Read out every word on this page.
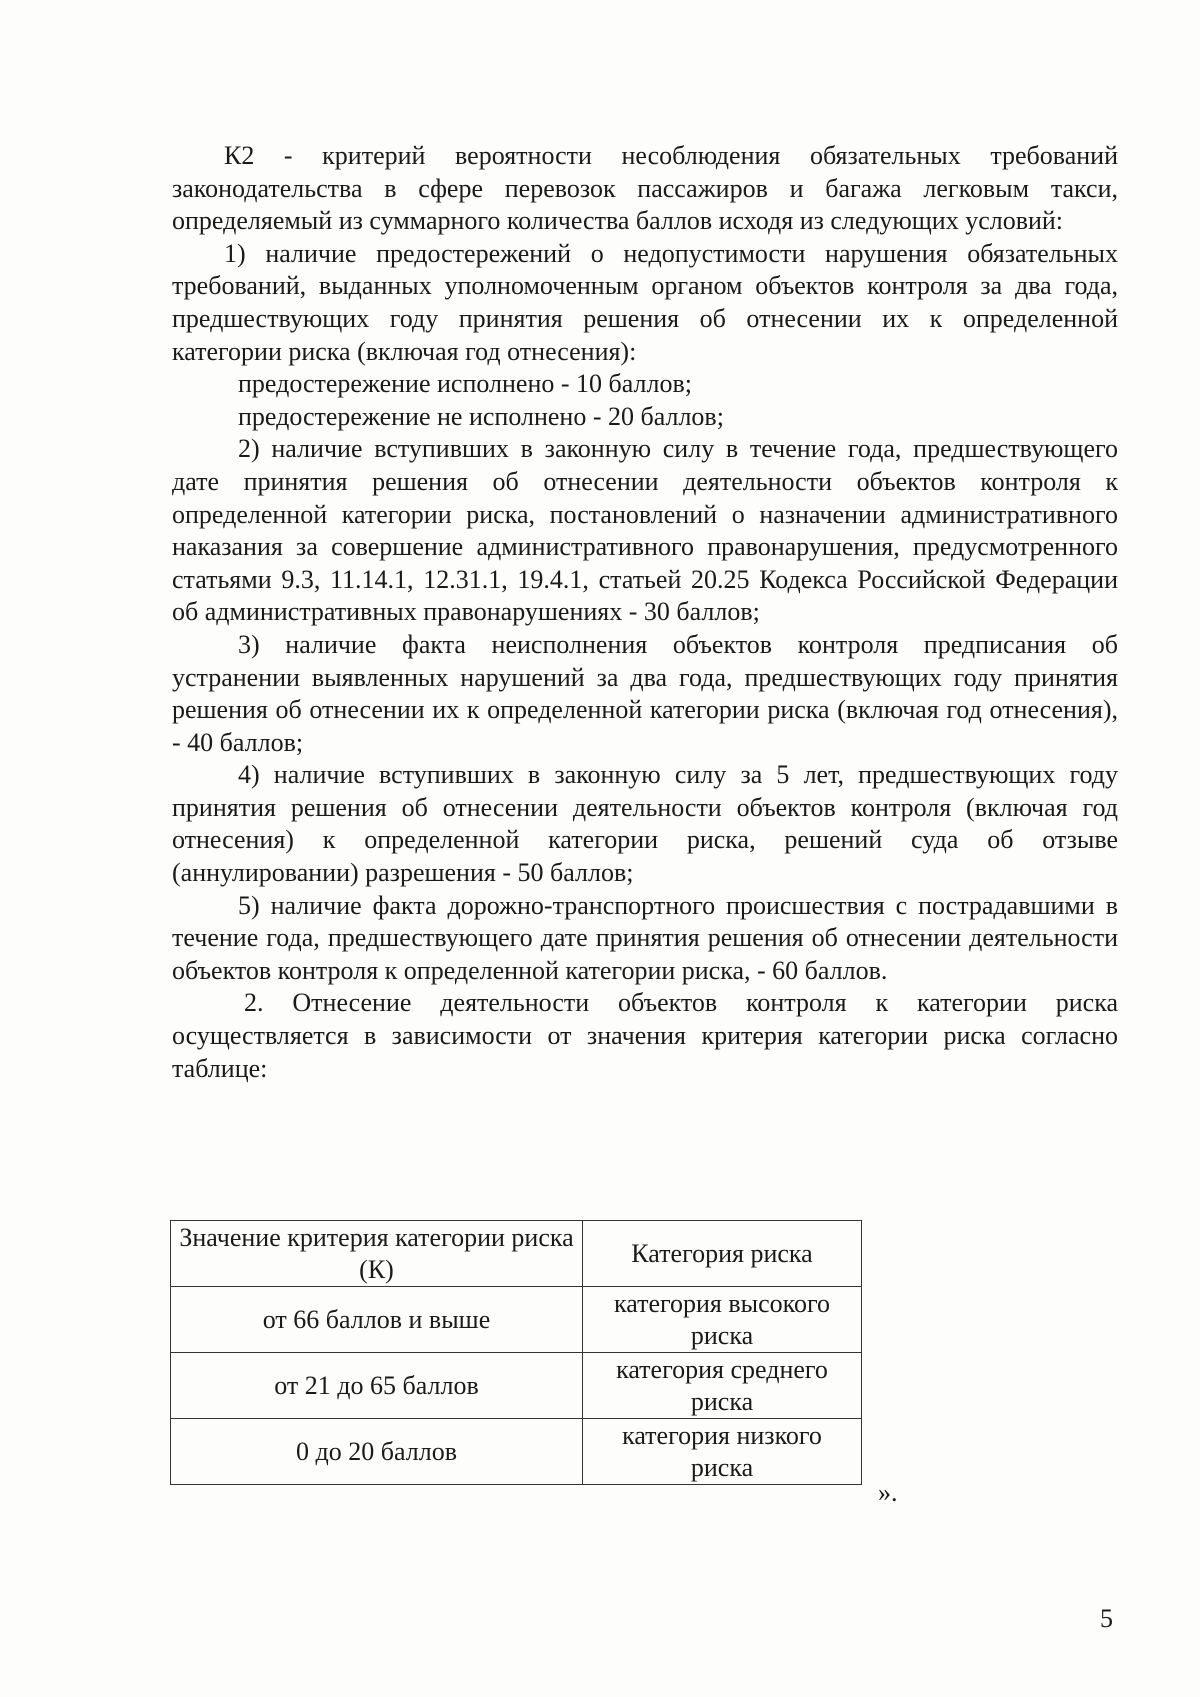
К2 - критерий вероятности несоблюдения обязательных требований законодательства в сфере перевозок пассажиров и багажа легковым такси, определяемый из суммарного количества баллов исходя из следующих условий:

1) наличие предостережений о недопустимости нарушения обязательных требований, выданных уполномоченным органом объектов контроля за два года, предшествующих году принятия решения об отнесении их к определенной категории риска (включая год отнесения):

предостережение исполнено - 10 баллов;

предостережение не исполнено - 20 баллов;

2) наличие вступивших в законную силу в течение года, предшествующего дате принятия решения об отнесении деятельности объектов контроля к определенной категории риска, постановлений о назначении административного наказания за совершение административного правонарушения, предусмотренного статьями 9.3, 11.14.1, 12.31.1, 19.4.1, статьей 20.25 Кодекса Российской Федерации об административных правонарушениях - 30 баллов;

3) наличие факта неисполнения объектов контроля предписания об устранении выявленных нарушений за два года, предшествующих году принятия решения об отнесении их к определенной категории риска (включая год отнесения), - 40 баллов;

4) наличие вступивших в законную силу за 5 лет, предшествующих году принятия решения об отнесении деятельности объектов контроля (включая год отнесения) к определенной категории риска, решений суда об отзыве (аннулировании) разрешения - 50 баллов;

5) наличие факта дорожно-транспортного происшествия с пострадавшими в течение года, предшествующего дате принятия решения об отнесении деятельности объектов контроля к определенной категории риска, - 60 баллов.

2. Отнесение деятельности объектов контроля к категории риска осуществляется в зависимости от значения критерия категории риска согласно таблице:

Значение критерия категории риска (К)	Категория риска
от 66 баллов и выше	категория высокого риска
от 21 до 65 баллов	категория среднего риска
0 до 20 баллов	категория низкого риска
».
5
